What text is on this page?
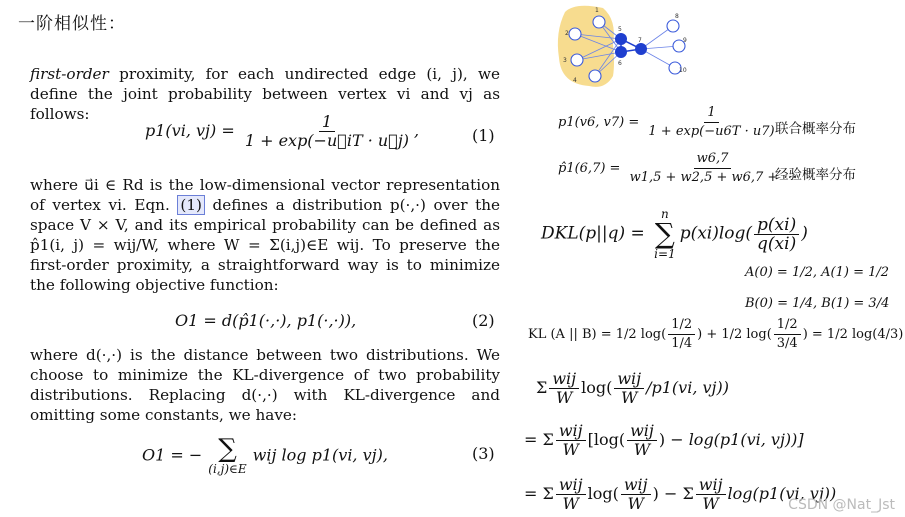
一阶相似性：
first-order proximity, for each undirected edge (i, j), we define the joint probability between vertex vi and vj as follows:
p1(vi, $vj) = \frac{1}{1 + \exp(-u⃗iT \cdot u⃗j)}$ ,	(1)
where u⃗i ∈ Rd is the low-dimensional vector representation of vertex vi. Eqn. (1) defines a distribution p(·,·) over the space V × V, and its empirical probability can be defined as p̂1(i, j) = wij/W, where W = Σ(i,j)∈E wij. To preserve the first-order proximity, a straightforward way is to minimize the following objective function:
O1 = d(p̂1(·,·), p1(·,·)),	(2)
where d(·,·) is the distance between two distributions. We choose to minimize the KL-divergence of two probability distributions. Replacing d(·,·) with KL-divergence and omitting some constants, we have:
O1 = − ∑
(i,j)∈E
wij log p1(vi, vj),	(3)
1
2
3
4
5
6
7
8
9
10
p1(v6, $v7) = \frac{1}{1 + \exp(-u6T \cdot u7)}$
联合概率分布
p̂1(6,7) = $\frac{w6,7}{w1,5 + w2,5 + w6,7 + \cdots}$
经验概率分布
DKL(p||q) =
n
∑
i=1
$p(xi)\log( \frac{p(xi)}{q(xi)}$ )
A(0) = 1/2, A(1) = 1/2
B(0) = 1/4, B(1) = 3/4
KL (A || B) = 1/2 $\log( \frac{1/2}{1/4}$ ) + 1/2 $\log( \frac{1/2}{3/4}$ ) = 1/2 log(4/3)
Σ $\frac{\text{wij}}{W} \log( \frac{\text{wij}}{W} /p1(vi$, vj))
= Σ $\frac{\text{wij}}{W} [\log( \frac{\text{wij}}{W}$ ) − log(p1(vi, vj))]
= Σ $\frac{\text{wij}}{W} \log( \frac{\text{wij}}{W}$ ) − Σ $\frac{\text{wij}}{W} \log(p1(vi$, vj))
CSDN @Nat_Jst
